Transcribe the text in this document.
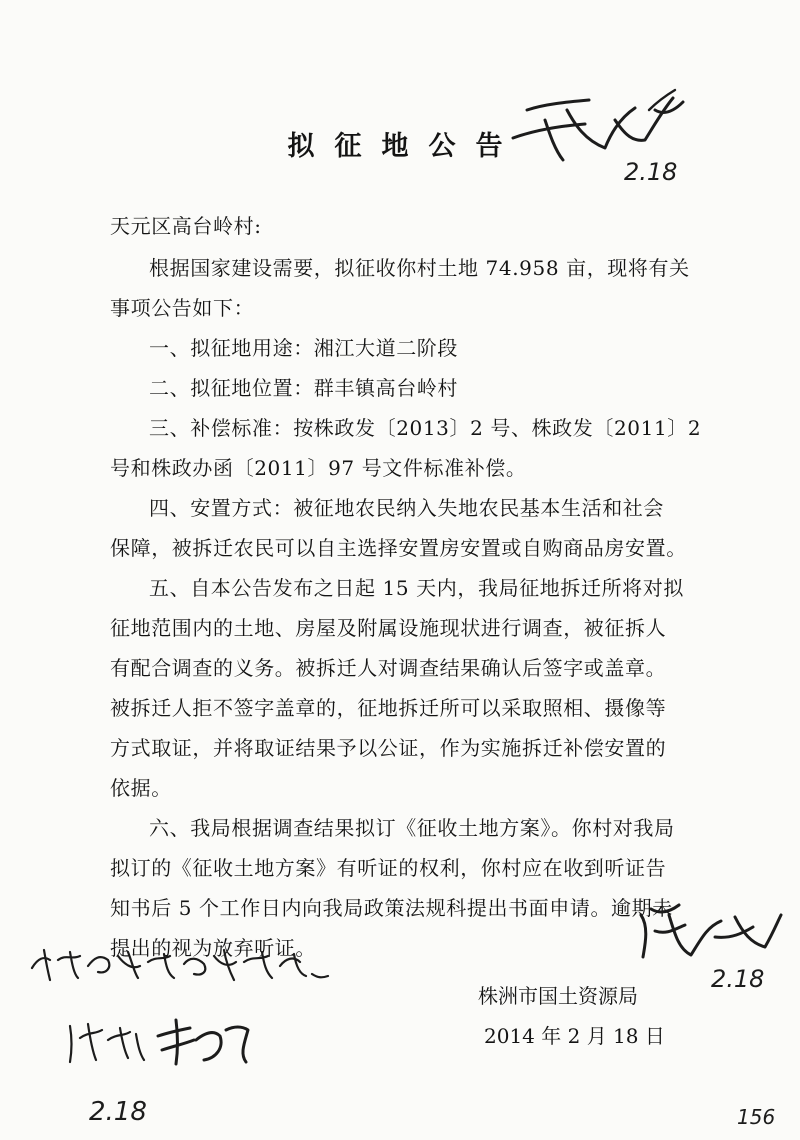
拟征地公告
天元区高台岭村:
根据国家建设需要，拟征收你村土地 74.958 亩，现将有关
事项公告如下：
一、拟征地用途：湘江大道二阶段
二、拟征地位置：群丰镇高台岭村
三、补偿标准：按株政发〔2013〕2 号、株政发〔2011〕2
号和株政办函〔2011〕97 号文件标准补偿。
四、安置方式：被征地农民纳入失地农民基本生活和社会
保障，被拆迁农民可以自主选择安置房安置或自购商品房安置。
五、自本公告发布之日起 15 天内，我局征地拆迁所将对拟
征地范围内的土地、房屋及附属设施现状进行调查，被征拆人
有配合调查的义务。被拆迁人对调查结果确认后签字或盖章。
被拆迁人拒不签字盖章的，征地拆迁所可以采取照相、摄像等
方式取证，并将取证结果予以公证，作为实施拆迁补偿安置的
依据。
六、我局根据调查结果拟订《征收土地方案》。你村对我局
拟订的《征收土地方案》有听证的权利，你村应在收到听证告
知书后 5 个工作日内向我局政策法规科提出书面申请。逾期未
提出的视为放弃听证。
株洲市国土资源局
2014 年 2 月 18 日
2.18
2.18
2.18	156
